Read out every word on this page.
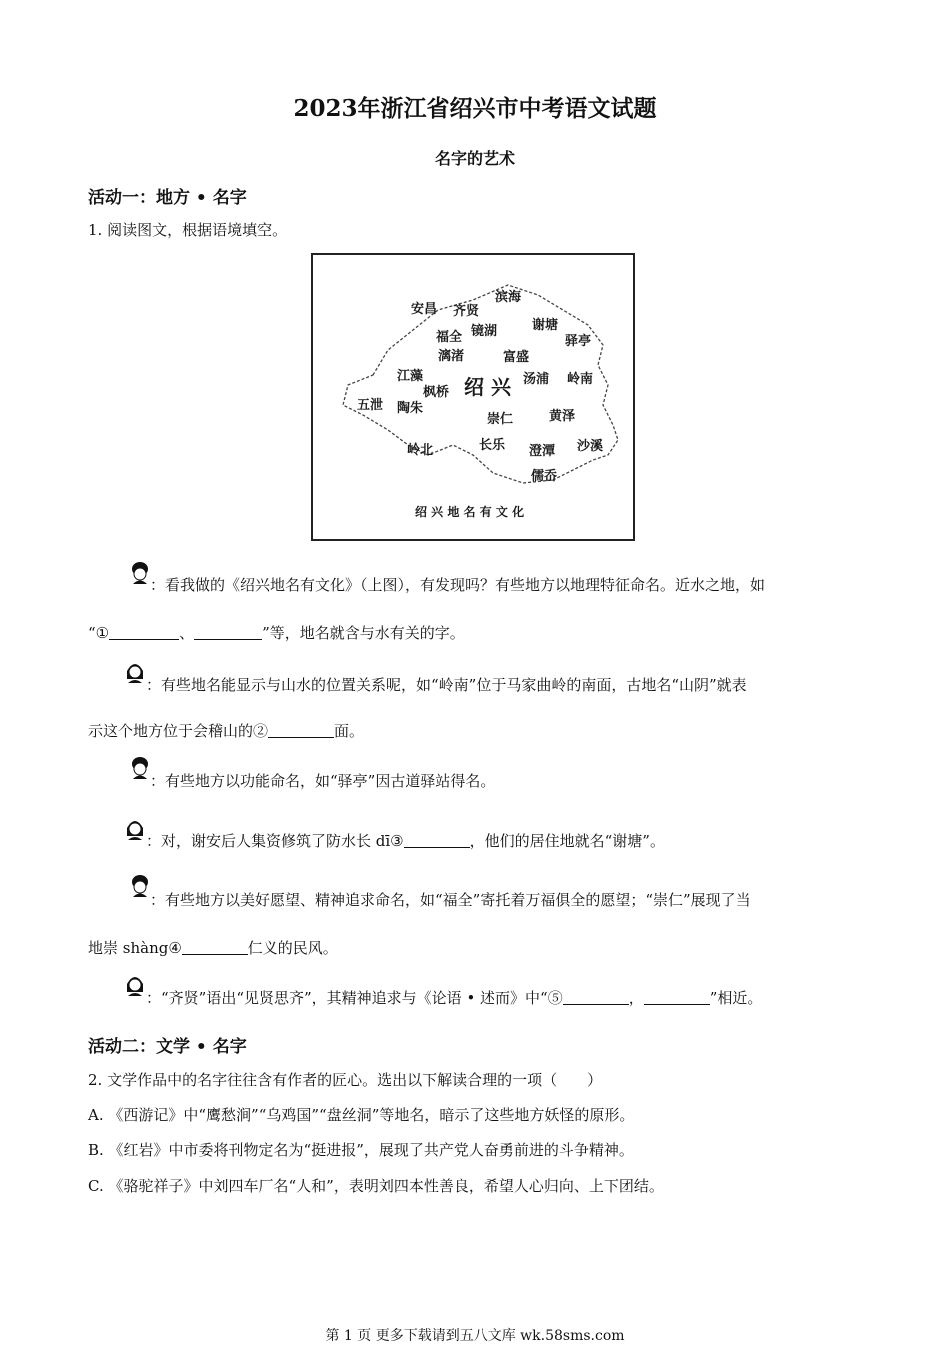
2023年浙江省绍兴市中考语文试题
名字的艺术
活动一：地方 • 名字
1. 阅读图文，根据语境填空。
滨海
安昌 齐贤
谢塘
驿亭
福全 镜湖
漓渚	富盛
江藻
枫桥
汤浦 岭南
五泄 陶朱
崇仁	黄泽
岭北	长乐 澄潭 沙溪
儒岙
绍 兴
绍 兴 地 名 有 文 化
：看我做的《绍兴地名有文化》（上图），有发现吗？有些地方以地理特征命名。近水之地，如
“①	、	”等，地名就含与水有关的字。
：有些地名能显示与山水的位置关系呢，如“岭南”位于马家曲岭的南面，古地名“山阴”就表
示这个地方位于会稽山的②	面。
：有些地方以功能命名，如“驿亭”因古道驿站得名。
：对，谢安后人集资修筑了防水长 dī③	，他们的居住地就名“谢塘”。
：有些地方以美好愿望、精神追求命名，如“福全”寄托着万福俱全的愿望；“崇仁”展现了当
地崇 shàng④	仁义的民风。
：“齐贤”语出“见贤思齐”，其精神追求与《论语 • 述而》中“⑤	，	”相近。
活动二：文学 • 名字
2. 文学作品中的名字往往含有作者的匠心。选出以下解读合理的一项（　　）
A. 《西游记》中“鹰愁涧”“乌鸡国”“盘丝洞”等地名，暗示了这些地方妖怪的原形。
B. 《红岩》中市委将刊物定名为“挺进报”，展现了共产党人奋勇前进的斗争精神。
C. 《骆驼祥子》中刘四车厂名“人和”，表明刘四本性善良，希望人心归向、上下团结。
第 1 页 更多下载请到五八文库 wk.58sms.com
